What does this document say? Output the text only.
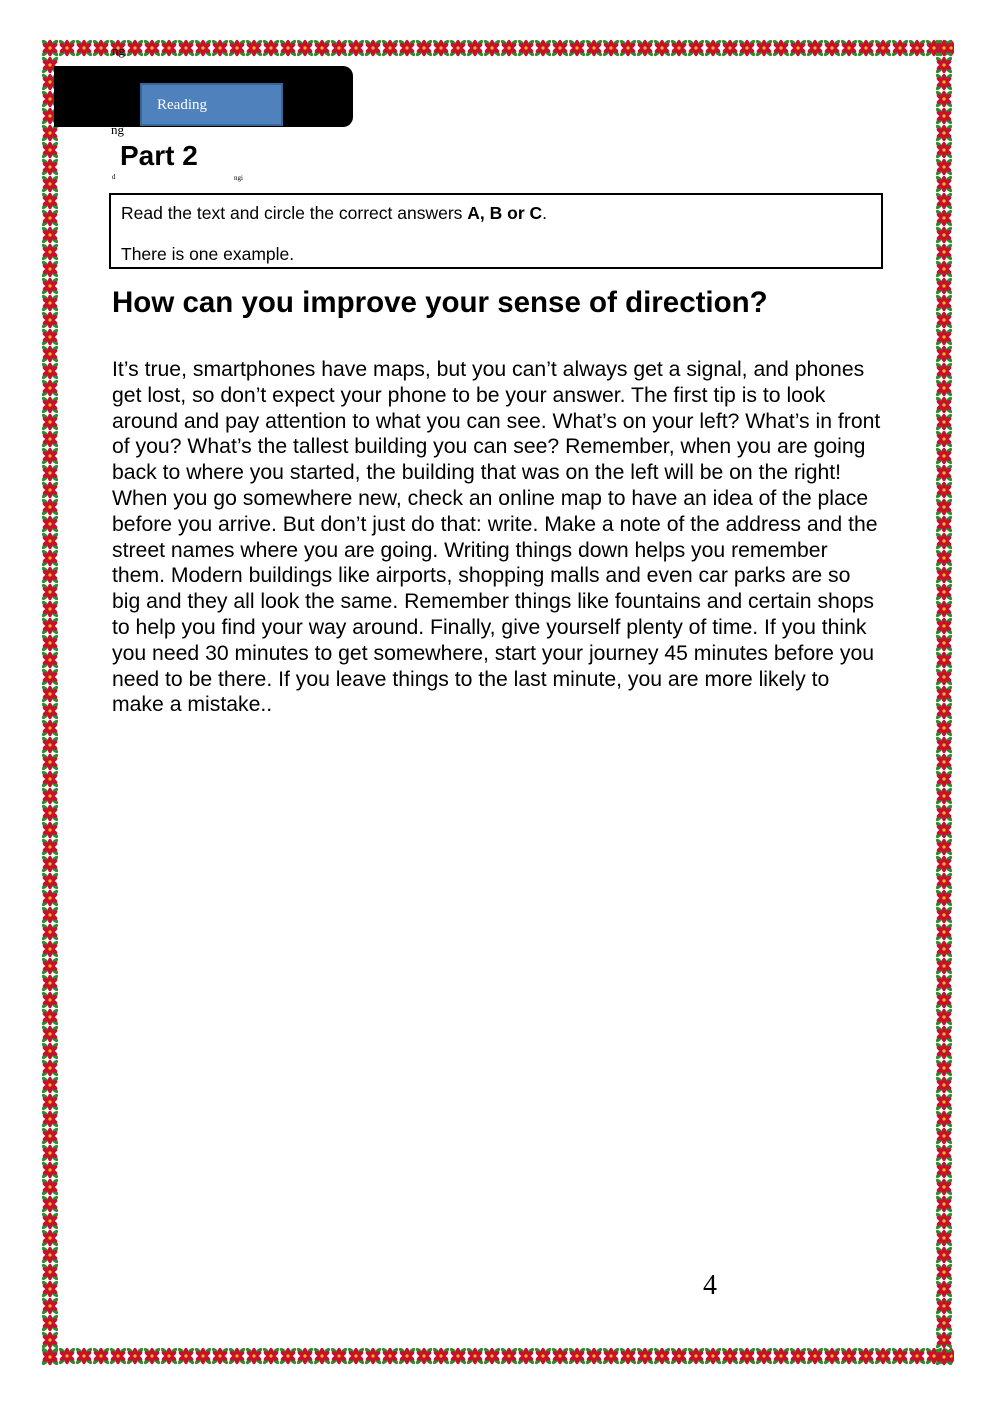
ng
Reading
ng
Part 2
d	ngi

Read the text and circle the correct answers A, B or C.

There is one example.

How can you improve your sense of direction?

It’s true, smartphones have maps, but you can’t always get a signal, and phones get lost, so don’t expect your phone to be your answer. The first tip is to look around and pay attention to what you can see. What’s on your left? What’s in front of you? What’s the tallest building you can see? Remember, when you are going back to where you started, the building that was on the left will be on the right! When you go somewhere new, check an online map to have an idea of the place before you arrive. But don’t just do that: write. Make a note of the address and the street names where you are going. Writing things down helps you remember them. Modern buildings like airports, shopping malls and even car parks are so big and they all look the same. Remember things like fountains and certain shops to help you find your way around. Finally, give yourself plenty of time. If you think you need 30 minutes to get somewhere, start your journey 45 minutes before you need to be there. If you leave things to the last minute, you are more likely to make a mistake..

4
